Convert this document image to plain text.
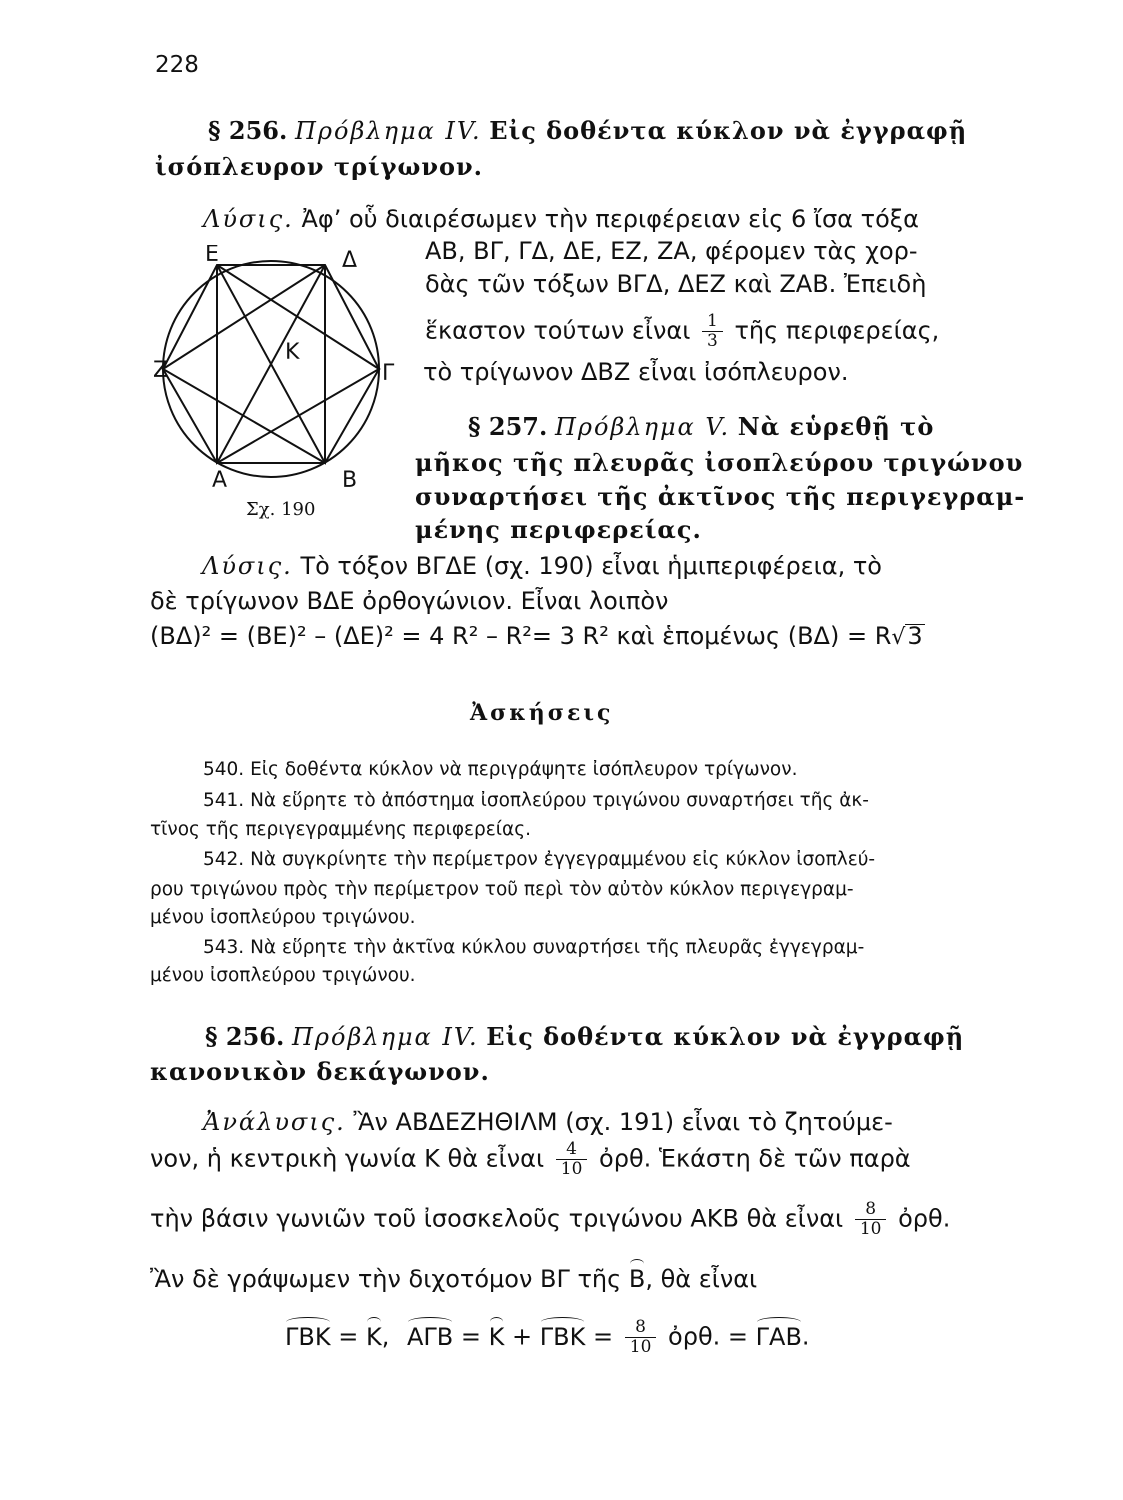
228
§ 256. Πρόβλημα IV. Εἰς δοθέντα κύκλον νὰ ἐγγραφῇ
ἰσόπλευρον τρίγωνον.
Λύσις. Ἀφ’ οὗ διαιρέσωμεν τὴν περιφέρειαν εἰς 6 ἴσα τόξα
ΑΒ, ΒΓ, ΓΔ, ΔΕ, ΕΖ, ΖΑ, φέρομεν τὰς χορ-
δὰς τῶν τόξων ΒΓΔ, ΔΕΖ καὶ ΖΑΒ. Ἐπειδὴ
ἕκαστον τούτων εἶναι $\frac{1}{3}$ τῆς περιφερείας,
τὸ τρίγωνον ΔΒΖ εἶναι ἰσόπλευρον.
Ε	Δ
Ζ
Κ
Γ
Α	Β
Σχ. 190
§ 257. Πρόβλημα V. Νὰ εὑρεθῇ τὸ
μῆκος τῆς πλευρᾶς ἰσοπλεύρου τριγώνου
συναρτήσει τῆς ἀκτῖνος τῆς περιγεγραμ-
μένης περιφερείας.
Λύσις. Τὸ τόξον ΒΓΔΕ (σχ. 190) εἶναι ἡμιπεριφέρεια, τὸ
δὲ τρίγωνον ΒΔΕ ὀρθογώνιον. Εἶναι λοιπὸν
(ΒΔ)² = (ΒΕ)² – (ΔΕ)² = 4 R² – R²= 3 R² καὶ ἑπομένως (ΒΔ) = R√3
Ἀσκήσεις
540. Εἰς δοθέντα κύκλον νὰ περιγράψητε ἰσόπλευρον τρίγωνον.
541. Νὰ εὕρητε τὸ ἀπόστημα ἰσοπλεύρου τριγώνου συναρτήσει τῆς ἀκ-
τῖνος τῆς περιγεγραμμένης περιφερείας.
542. Νὰ συγκρίνητε τὴν περίμετρον ἐγγεγραμμένου εἰς κύκλον ἰσοπλεύ-
ρου τριγώνου πρὸς τὴν περίμετρον τοῦ περὶ τὸν αὐτὸν κύκλον περιγεγραμ-
μένου ἰσοπλεύρου τριγώνου.
543. Νὰ εὕρητε τὴν ἀκτῖνα κύκλου συναρτήσει τῆς πλευρᾶς ἐγγεγραμ-
μένου ἰσοπλεύρου τριγώνου.
§ 256. Πρόβλημα IV. Εἰς δοθέντα κύκλον νὰ ἐγγραφῇ
κανονικὸν δεκάγωνον.
Ἀνάλυσις. Ἂν ΑΒΔΕΖΗΘΙΛΜ (σχ. 191) εἶναι τὸ ζητούμε-
νον, ἡ κεντρικὴ γωνία Κ θὰ εἶναι $\frac{4}{10}$ ὀρθ. Ἑκάστη δὲ τῶν παρὰ
τὴν βάσιν γωνιῶν τοῦ ἰσοσκελοῦς τριγώνου ΑΚΒ θὰ εἶναι $\frac{8}{10}$ ὀρθ.
Ἂν δὲ γράψωμεν τὴν διχοτόμον ΒΓ τῆς Β, θὰ εἶναι
ΓΒΚ = Κ, $A\Gamma B = K + \Gamma BK = \frac{8}{10}$ ὀρθ. = ΓΑΒ.
